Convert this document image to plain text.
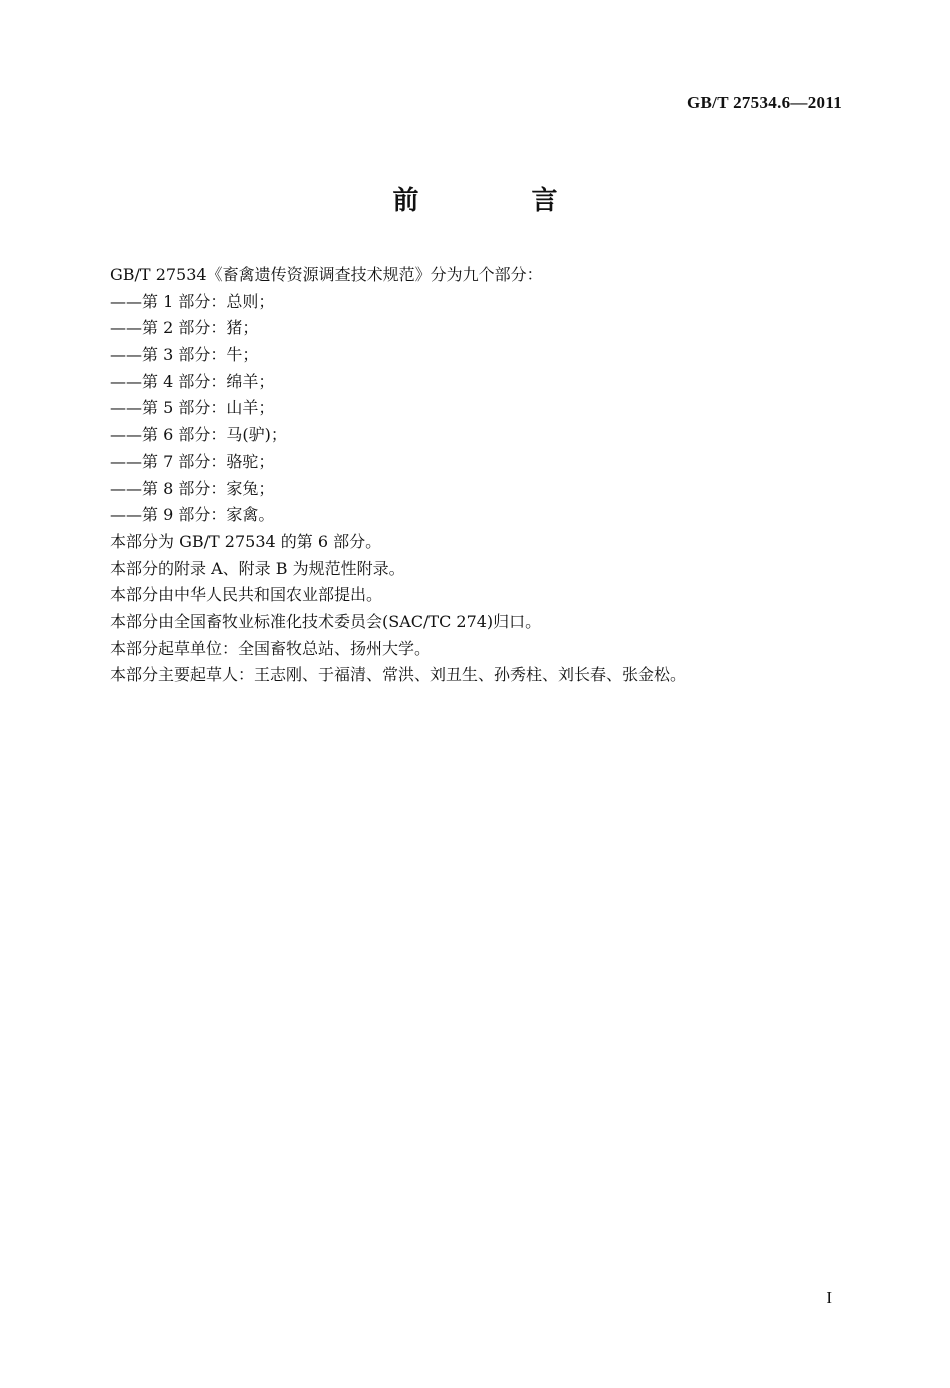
GB/T 27534.6—2011
前 言
GB/T 27534《畜禽遗传资源调查技术规范》分为九个部分：
——第 1 部分：总则；
——第 2 部分：猪；
——第 3 部分：牛；
——第 4 部分：绵羊；
——第 5 部分：山羊；
——第 6 部分：马(驴)；
——第 7 部分：骆驼；
——第 8 部分：家兔；
——第 9 部分：家禽。
本部分为 GB/T 27534 的第 6 部分。
本部分的附录 A、附录 B 为规范性附录。
本部分由中华人民共和国农业部提出。
本部分由全国畜牧业标准化技术委员会(SAC/TC 274)归口。
本部分起草单位：全国畜牧总站、扬州大学。
本部分主要起草人：王志刚、于福清、常洪、刘丑生、孙秀柱、刘长春、张金松。
I
